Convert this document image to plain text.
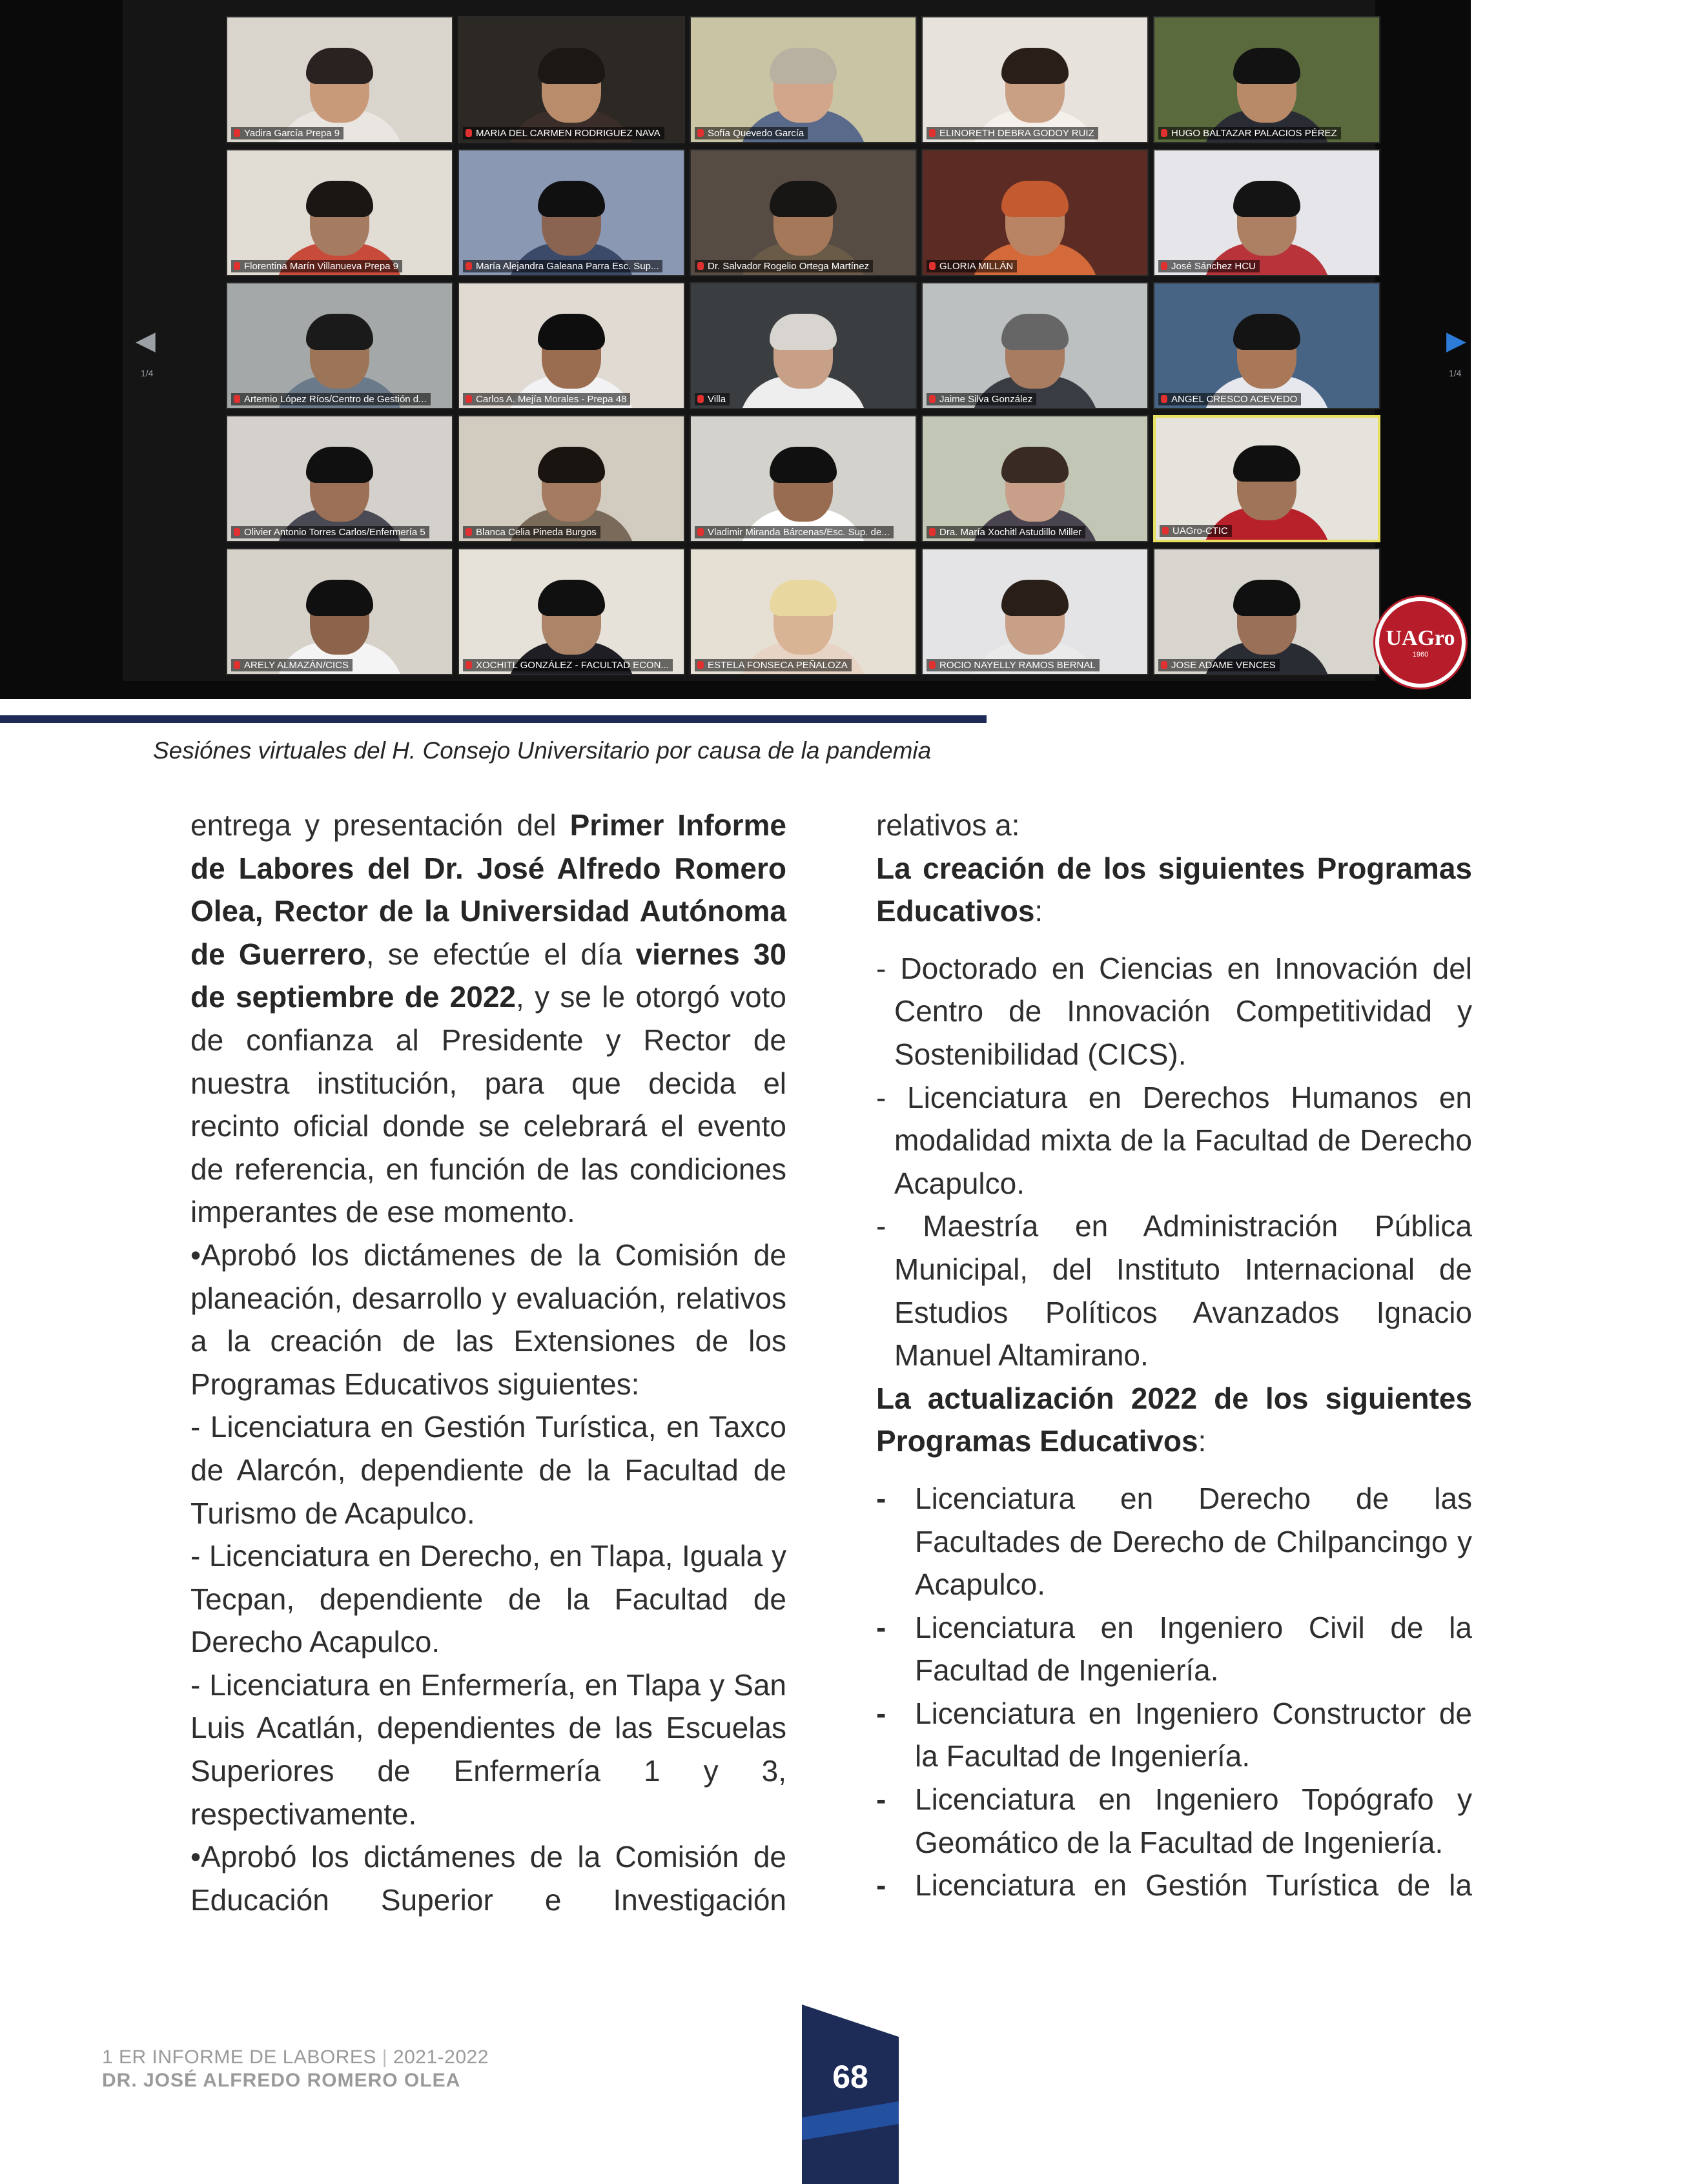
Yadira García Prepa 9	MARIA DEL CARMEN RODRIGUEZ NAVA	Sofía Quevedo García	ELINORETH DEBRA GODOY RUIZ	HUGO BALTAZAR PALACIOS PÉREZ
Florentina Marín Villanueva Prepa 9	María Alejandra Galeana Parra Esc. Sup...	Dr. Salvador Rogelio Ortega Martínez	GLORIA MILLÁN	José Sánchez HCU
Artemio López Ríos/Centro de Gestión d...	Carlos A. Mejía Morales - Prepa 48	Villa	Jaime Silva González	ANGEL CRESCO ACEVEDO
Olivier Antonio Torres Carlos/Enfermería 5	Blanca Celia Pineda Burgos	Vladimir Miranda Bárcenas/Esc. Sup. de...	Dra. María Xochitl Astudillo Miller	UAGro-CTIC
ARELY ALMAZÁN/CICS	XOCHITL GONZÁLEZ - FACULTAD ECON...	ESTELA FONSECA PEÑALOZA	ROCIO NAYELLY RAMOS BERNAL	JOSE ADAME VENCES
◀	▶
1/4	1/4
UAGro
1960
Sesiónes virtuales del H. Consejo Universitario por causa de la pandemia

entrega y presentación del Primer Informe de Labores del Dr. José Alfredo Romero Olea, Rector de la Universidad Autónoma de Guerrero, se efectúe el día viernes 30 de septiembre de 2022, y se le otorgó voto de confianza al Presidente y Rector de nuestra institución, para que decida el recinto oficial donde se celebrará el evento de referencia, en función de las condiciones imperantes de ese momento.

•Aprobó los dictámenes de la Comisión de planeación, desarrollo y evaluación, relativos a la creación de las Extensiones de los Programas Educativos siguientes:

- Licenciatura en Gestión Turística, en Taxco de Alarcón, dependiente de la Facultad de Turismo de Acapulco.

- Licenciatura en Derecho, en Tlapa, Iguala y Tecpan, dependiente de la Facultad de Derecho Acapulco.

- Licenciatura en Enfermería, en Tlapa y San Luis Acatlán, dependientes de las Escuelas Superiores de Enfermería 1 y 3, respectivamente.

•Aprobó los dictámenes de la Comisión de Educación Superior e Investigación

relativos a:

La creación de los siguientes Programas Educativos:

- Doctorado en Ciencias en Innovación del Centro de Innovación Competitividad y Sostenibilidad (CICS).

- Licenciatura en Derechos Humanos en modalidad mixta de la Facultad de Derecho Acapulco.

- Maestría en Administración Pública Municipal, del Instituto Internacional de Estudios Políticos Avanzados Ignacio Manuel Altamirano.

La actualización 2022 de los siguientes Programas Educativos:

- Licenciatura en Derecho de las Facultades de Derecho de Chilpancingo y Acapulco.

- Licenciatura en Ingeniero Civil de la Facultad de Ingeniería.

- Licenciatura en Ingeniero Constructor de la Facultad de Ingeniería.

- Licenciatura en Ingeniero Topógrafo y Geomático de la Facultad de Ingeniería.

- Licenciatura en Gestión Turística de la

1 ER INFORME DE LABORES | 2021-2022
DR. JOSÉ ALFREDO ROMERO OLEA	68
